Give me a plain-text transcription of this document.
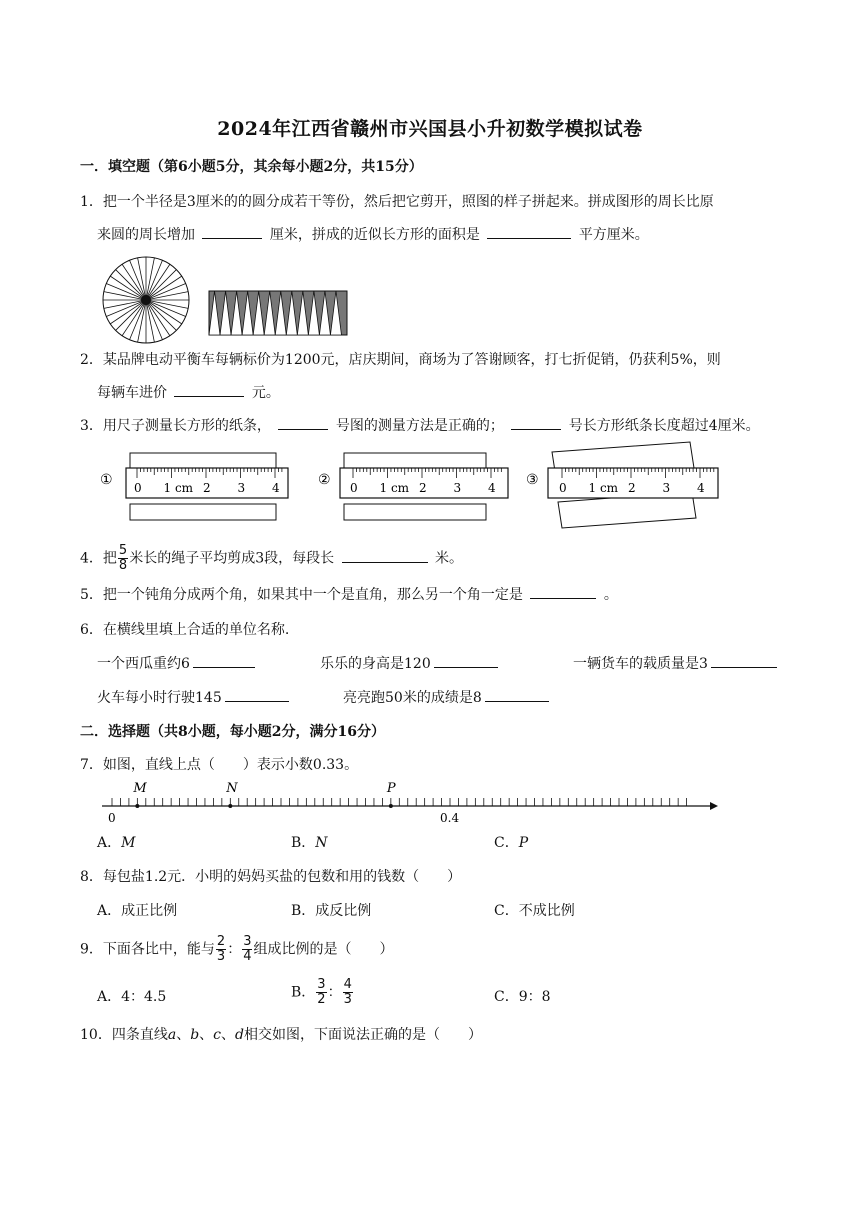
2024年江西省赣州市兴国县小升初数学模拟试卷
一．填空题（第6小题5分，其余每小题2分，共15分）
1．把一个半径是3厘米的的圆分成若干等份，然后把它剪开，照图的样子拼起来。拼成图形的周长比原
来圆的周长增加	厘米，拼成的近似长方形的面积是	平方厘米。
2．某品牌电动平衡车每辆标价为1200元，店庆期间，商场为了答谢顾客，打七折促销，仍获利5%，则
每辆车进价	元。
3．用尺子测量长方形的纸条，	号图的测量方法是正确的；	号长方形纸条长度超过4厘米。
① 0 1 cm 2 3 4	② 0 1 cm 2 3 4 ③ 0 1 cm 2 3 4
4．把 $\frac{5}{8}$ 米长的绳子平均剪成3段，每段长	米。
5．把一个钝角分成两个角，如果其中一个是直角，那么另一个角一定是	。
6．在横线里填上合适的单位名称.
一个西瓜重约6	乐乐的身高是120	一辆货车的载质量是3
火车每小时行驶145	亮亮跑50米的成绩是8
二．选择题（共8小题，每小题2分，满分16分）
7．如图，直线上点（　　）表示小数0.33。
M	N	P
0	0.4
A．M	B．N	C．P
8．每包盐1.2元．小明的妈妈买盐的包数和用的钱数（　　）
A．成正比例	B．成反比例	C．不成比例
9．下面各比中，能与 $\frac{2}{3}$ ： $\frac{3}{4}$ 组成比例的是（　　）
A．4：4.5	B． $\frac{3}{2}$ ： $\frac{4}{3}$	C．9：8
10．四条直线a、b、c、d相交如图，下面说法正确的是（　　）
